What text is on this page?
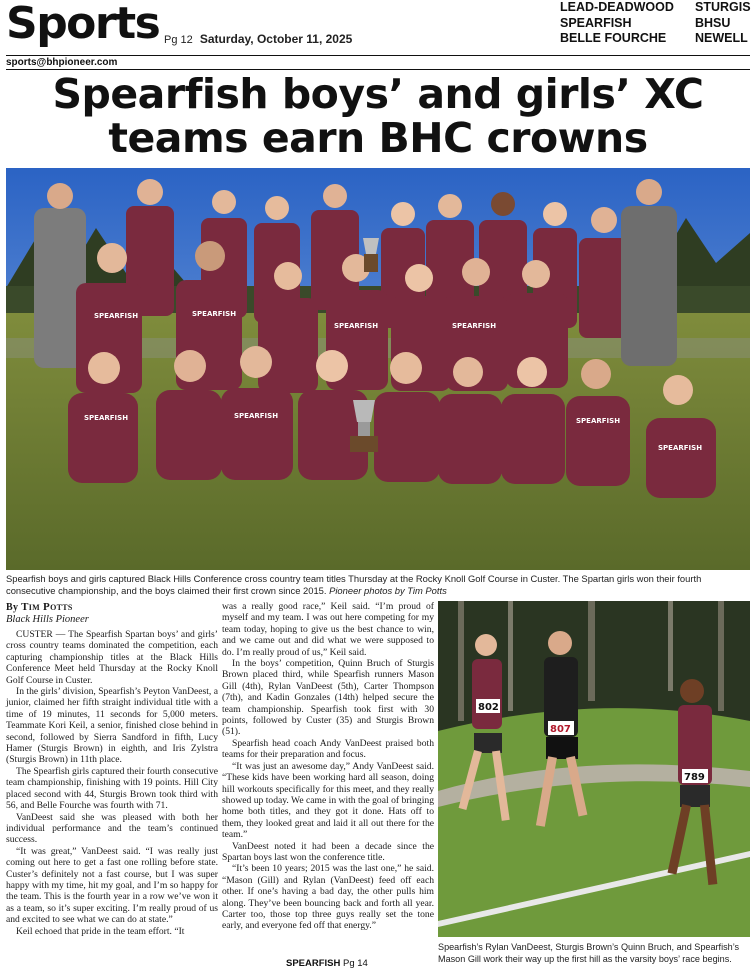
Sports Pg 12 Saturday, October 11, 2025
LEAD-DEADWOOD
SPEARFISH
BELLE FOURCHE
STURGIS
BHSU
NEWELL
sports@bhpioneer.com
Spearfish boys’ and girls’ XC
teams earn BHC crowns
SPEARFISH	SPEARFISH
SPEARFISH	SPEARFISH
SPEARFISH	SPEARFISH
SPEARFISH
SPEARFISH
Spearfish boys and girls captured Black Hills Conference cross country team titles Thursday at the Rocky Knoll Golf Course in Custer. The Spartan girls won their fourth consecutive championship, and the boys claimed their first crown since 2015. Pioneer photos by Tim Potts
By Tim Potts
Black Hills Pioneer

CUSTER — The Spearfish Spartan boys’ and girls’ cross country teams dominated the competition, each capturing championship titles at the Black Hills Conference Meet held Thursday at the Rocky Knoll Golf Course in Custer.

In the girls’ division, Spearfish’s Peyton VanDeest, a junior, claimed her fifth straight individual title with a time of 19 minutes, 11 seconds for 5,000 meters. Teammate Kori Keil, a senior, finished close behind in second, followed by Sierra Sandford in fifth, Lucy Hamer (Sturgis Brown) in eighth, and Iris Zylstra (Sturgis Brown) in 11th place.

The Spearfish girls captured their fourth consecutive team championship, finishing with 19 points. Hill City placed second with 44, Sturgis Brown took third with 56, and Belle Fourche was fourth with 71.

VanDeest said she was pleased with both her individual performance and the team’s continued success.

“It was great,” VanDeest said. “I was really just coming out here to get a fast one rolling before state. Custer’s definitely not a fast course, but I was super happy with my time, hit my goal, and I’m so happy for the team. This is the fourth year in a row we’ve won it as a team, so it’s super exciting. I’m really proud of us and excited to see what we can do at state.”

Keil echoed that pride in the team effort. “It

was a really good race,” Keil said. “I’m proud of myself and my team. I was out here competing for my team today, hoping to give us the best chance to win, and we came out and did what we were supposed to do. I’m really proud of us,” Keil said.

In the boys’ competition, Quinn Bruch of Sturgis Brown placed third, while Spearfish runners Mason Gill (4th), Rylan VanDeest (5th), Carter Thompson (7th), and Kadin Gonzales (14th) helped secure the team championship. Spearfish took first with 30 points, followed by Custer (35) and Sturgis Brown (51).

Spearfish head coach Andy VanDeest praised both teams for their preparation and focus.

“It was just an awesome day,” Andy VanDeest said. “These kids have been working hard all season, doing hill workouts specifically for this meet, and they really showed up today. We came in with the goal of bringing home both titles, and they got it done. Hats off to them, they looked great and laid it all out there for the team.”

VanDeest noted it had been a decade since the Spartan boys last won the conference title.

“It’s been 10 years; 2015 was the last one,” he said. “Mason (Gill) and Rylan (VanDeest) feed off each other. If one’s having a bad day, the other pulls him along. They’ve been bouncing back and forth all year. Carter too, those top three guys really set the tone early, and everyone fed off that energy.”

SPEARFISH Pg 14
802
807
789
Spearfish’s Rylan VanDeest, Sturgis Brown’s Quinn Bruch, and Spearfish’s Mason Gill work their way up the first hill as the varsity boys’ race begins.
